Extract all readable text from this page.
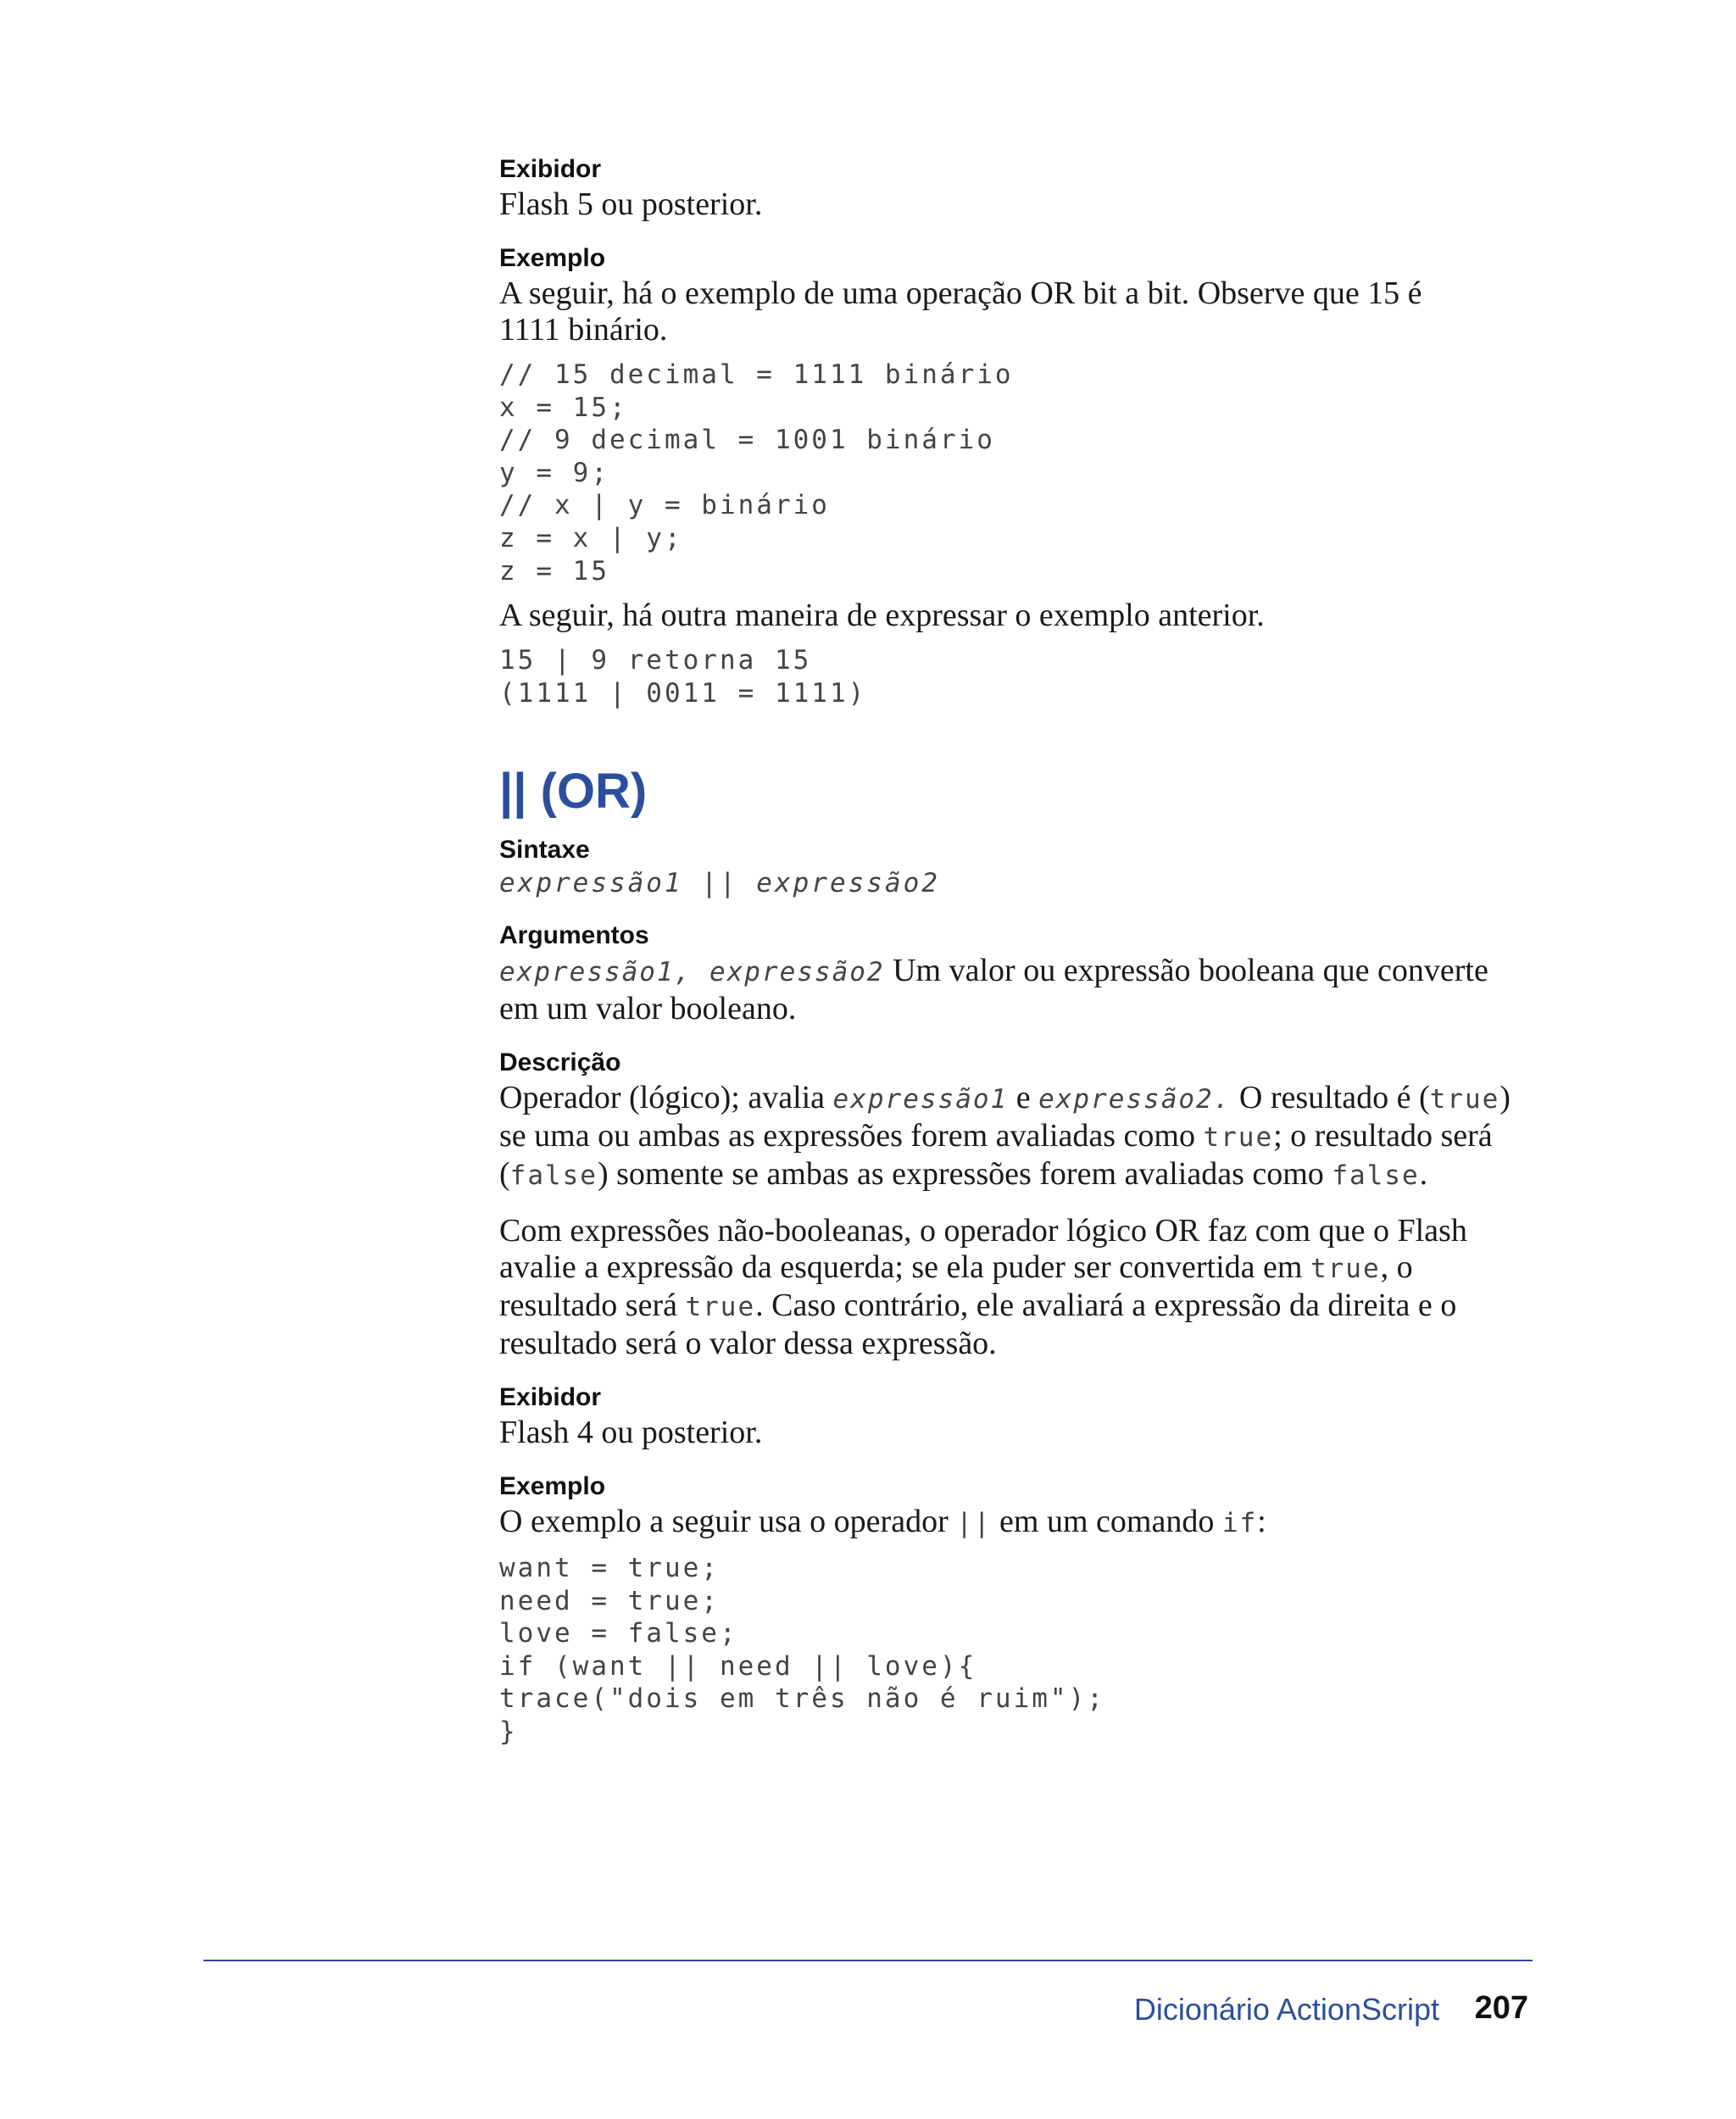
Exibidor

Flash 5 ou posterior.

Exemplo

A seguir, há o exemplo de uma operação OR bit a bit. Observe que 15 é 1111 binário.

// 15 decimal = 1111 binário
x = 15;
// 9 decimal = 1001 binário
y = 9;
// x | y = binário
z = x | y;
z = 15

A seguir, há outra maneira de expressar o exemplo anterior.

15 | 9 retorna 15
(1111 | 0011 = 1111)
|| (OR)

Sintaxe

expressão1 || expressão2

Argumentos

expressão1, expressão2 Um valor ou expressão booleana que converte em um valor booleano.

Descrição

Operador (lógico); avalia expressão1 e expressão2. O resultado é (true) se uma ou ambas as expressões forem avaliadas como true; o resultado será (false) somente se ambas as expressões forem avaliadas como false.

Com expressões não-booleanas, o operador lógico OR faz com que o Flash avalie a expressão da esquerda; se ela puder ser convertida em true, o resultado será true. Caso contrário, ele avaliará a expressão da direita e o resultado será o valor dessa expressão.

Exibidor

Flash 4 ou posterior.

Exemplo

O exemplo a seguir usa o operador || em um comando if:

want = true;
need = true;
love = false;
if (want || need || love){
trace("dois em três não é ruim");
}
Dicionário ActionScript 207
